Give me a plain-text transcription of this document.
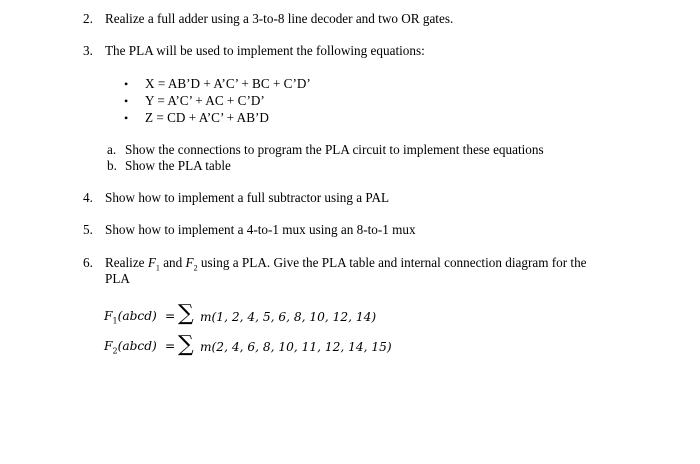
2. Realize a full adder using a 3-to-8 line decoder and two OR gates.
3. The PLA will be used to implement the following equations:
• X = AB’D + A’C’ + BC + C’D’
• Y = A’C’ + AC + C’D’
• Z = CD + A’C’ + AB’D
a. Show the connections to program the PLA circuit to implement these equations
b. Show the PLA table
4. Show how to implement a full subtractor using a PAL
5. Show how to implement a 4-to-1 mux using an 8-to-1 mux
6. Realize $F_1$ and $F_2$ using a PLA. Give the PLA table and internal connection diagram for the
PLA
$F_1(abcd)$ = ∑ m(1, 2, 4, 5, 6, 8, 10, 12, 14)
$F_2(abcd)$ = ∑ m(2, 4, 6, 8, 10, 11, 12, 14, 15)
